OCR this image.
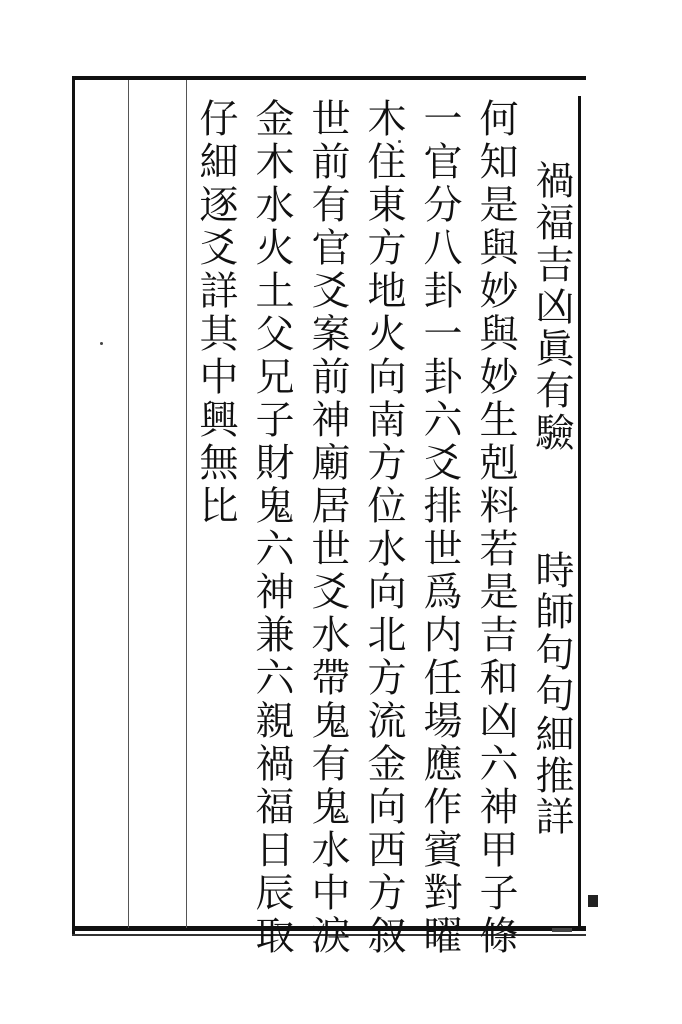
禍福吉凶眞有驗
時師句句細推詳
何知是與妙與妙生剋料若是吉和凶六神甲子條
一官分八卦一卦六爻排世爲内任場應作賓對曜
木住東方地火向南方位水向北方流金向西方叙
世前有官爻案前神廟居世爻水帶鬼有鬼水中淚
金木水火土父兄子財鬼六神兼六親禍福日辰取
仔細逐爻詳其中興無比
